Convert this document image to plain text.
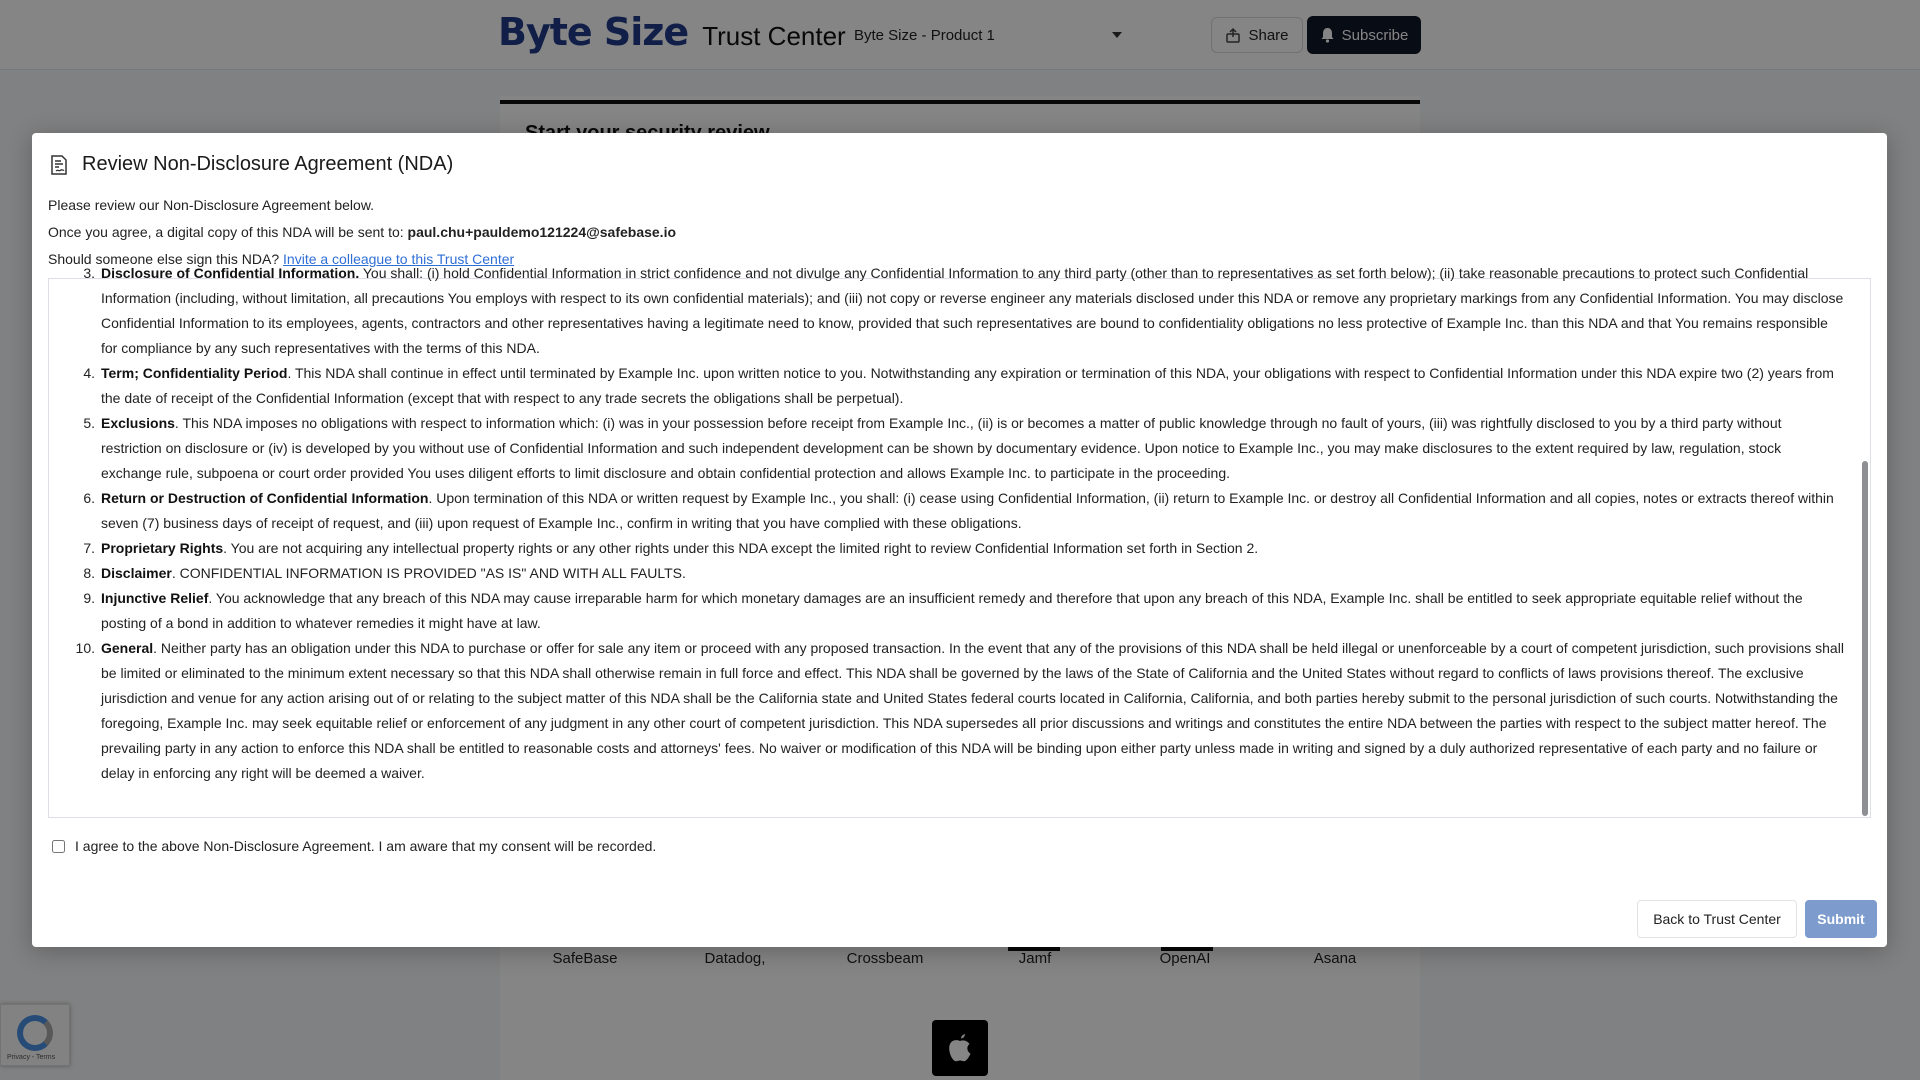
Byte Size Trust Center Byte Size - Product 1	Share	Subscribe
SafeBase	Datadog,	Crossbeam	Jamf	OpenAI	Asana
Privacy - Terms
Review Non-Disclosure Agreement (NDA)
Please review our Non-Disclosure Agreement below.
Once you agree, a digital copy of this NDA will be sent to: paul.chu+pauldemo121224@safebase.io
Should someone else sign this NDA? Invite a colleague to this Trust Center
3. Disclosure of Confidential Information. You shall: (i) hold Confidential Information in strict confidence and not divulge any Confidential Information to any third party (other than to representatives as set forth below); (ii) take reasonable precautions to protect such Confidential Information (including, without limitation, all precautions You employs with respect to its own confidential materials); and (iii) not copy or reverse engineer any materials disclosed under this NDA or remove any proprietary markings from any Confidential Information. You may disclose Confidential Information to its employees, agents, contractors and other representatives having a legitimate need to know, provided that such representatives are bound to confidentiality obligations no less protective of Example Inc. than this NDA and that You remains responsible for compliance by any such representatives with the terms of this NDA.
4. Term; Confidentiality Period. This NDA shall continue in effect until terminated by Example Inc. upon written notice to you. Notwithstanding any expiration or termination of this NDA, your obligations with respect to Confidential Information under this NDA expire two (2) years from the date of receipt of the Confidential Information (except that with respect to any trade secrets the obligations shall be perpetual).
5. Exclusions. This NDA imposes no obligations with respect to information which: (i) was in your possession before receipt from Example Inc., (ii) is or becomes a matter of public knowledge through no fault of yours, (iii) was rightfully disclosed to you by a third party without restriction on disclosure or (iv) is developed by you without use of Confidential Information and such independent development can be shown by documentary evidence. Upon notice to Example Inc., you may make disclosures to the extent required by law, regulation, stock exchange rule, subpoena or court order provided You uses diligent efforts to limit disclosure and obtain confidential protection and allows Example Inc. to participate in the proceeding.
6. Return or Destruction of Confidential Information. Upon termination of this NDA or written request by Example Inc., you shall: (i) cease using Confidential Information, (ii) return to Example Inc. or destroy all Confidential Information and all copies, notes or extracts thereof within seven (7) business days of receipt of request, and (iii) upon request of Example Inc., confirm in writing that you have complied with these obligations.
7. Proprietary Rights. You are not acquiring any intellectual property rights or any other rights under this NDA except the limited right to review Confidential Information set forth in Section 2.
8. Disclaimer. CONFIDENTIAL INFORMATION IS PROVIDED "AS IS" AND WITH ALL FAULTS.
9. Injunctive Relief. You acknowledge that any breach of this NDA may cause irreparable harm for which monetary damages are an insufficient remedy and therefore that upon any breach of this NDA, Example Inc. shall be entitled to seek appropriate equitable relief without the posting of a bond in addition to whatever remedies it might have at law.
10. General. Neither party has an obligation under this NDA to purchase or offer for sale any item or proceed with any proposed transaction. In the event that any of the provisions of this NDA shall be held illegal or unenforceable by a court of competent jurisdiction, such provisions shall be limited or eliminated to the minimum extent necessary so that this NDA shall otherwise remain in full force and effect. This NDA shall be governed by the laws of the State of California and the United States without regard to conflicts of laws provisions thereof. The exclusive jurisdiction and venue for any action arising out of or relating to the subject matter of this NDA shall be the California state and United States federal courts located in California, California, and both parties hereby submit to the personal jurisdiction of such courts. Notwithstanding the foregoing, Example Inc. may seek equitable relief or enforcement of any judgment in any other court of competent jurisdiction. This NDA supersedes all prior discussions and writings and constitutes the entire NDA between the parties with respect to the subject matter hereof. The prevailing party in any action to enforce this NDA shall be entitled to reasonable costs and attorneys' fees. No waiver or modification of this NDA will be binding upon either party unless made in writing and signed by a duly authorized representative of each party and no failure or delay in enforcing any right will be deemed a waiver.
I agree to the above Non-Disclosure Agreement. I am aware that my consent will be recorded.
Back to Trust Center	Submit
